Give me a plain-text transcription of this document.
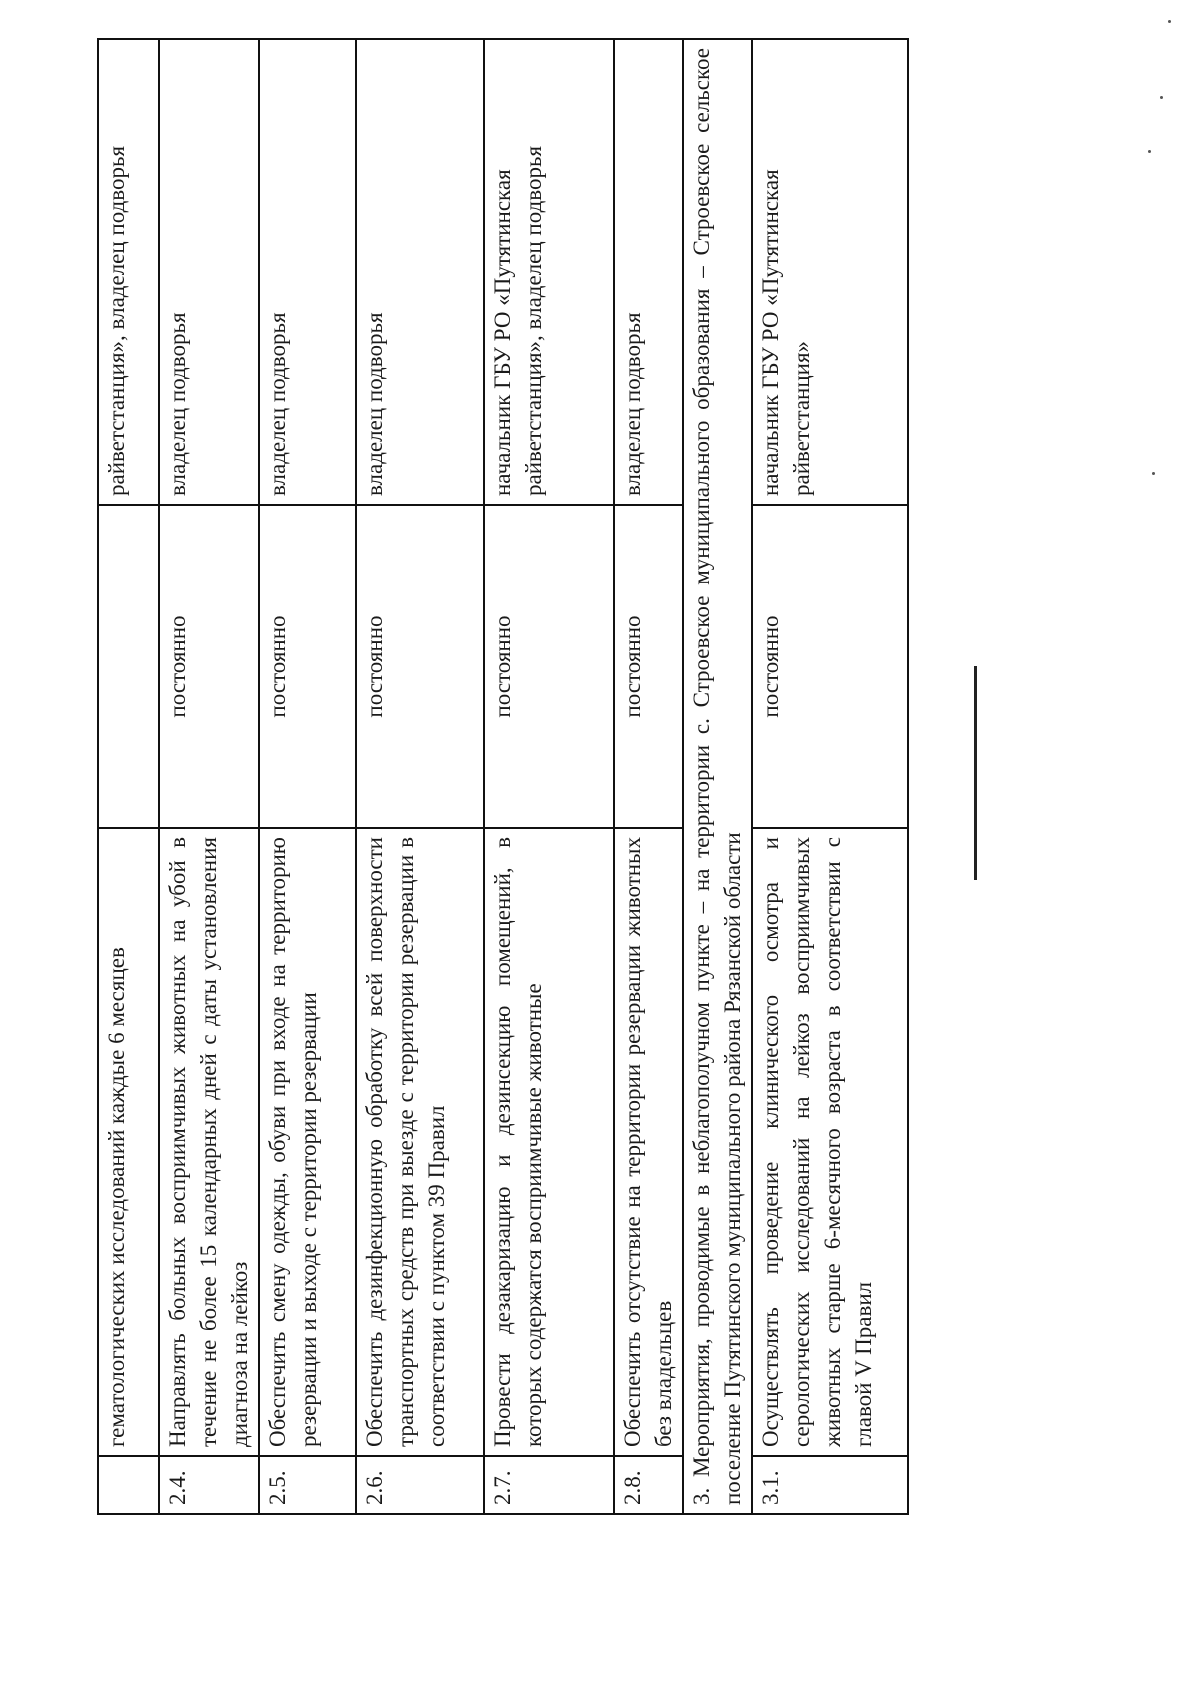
	гематологических исследований каждые 6 месяцев		райветстанция», владелец подворья
2.4.	Направлять больных восприимчивых животных на убой в течение не более 15 календарных дней с даты установления диагноза на лейкоз	постоянно	владелец подворья
2.5.	Обеспечить смену одежды, обуви при входе на территорию резервации и выходе с территории резервации	постоянно	владелец подворья
2.6.	Обеспечить дезинфекционную обработку всей поверхности транспортных средств при выезде с территории резервации в соответствии с пунктом 39 Правил	постоянно	владелец подворья
2.7.	Провести дезакаризацию и дезинсекцию помещений, в которых содержатся восприимчивые животные	постоянно	начальник ГБУ РО «Путятинская райветстанция», владелец подворья
2.8.	Обеспечить отсутствие на территории резервации животных без владельцев	постоянно	владелец подворья
3. Мероприятия, проводимые в неблагополучном пункте – на территории с. Строевское муниципального образования – Строевское сельское поселение Путятинского муниципального района Рязанской области			
3.1.	Осуществлять проведение клинического осмотра и серологических исследований на лейкоз восприимчивых животных старше 6-месячного возраста в соответствии с главой V Правил	постоянно	начальник ГБУ РО «Путятинская райветстанция»
